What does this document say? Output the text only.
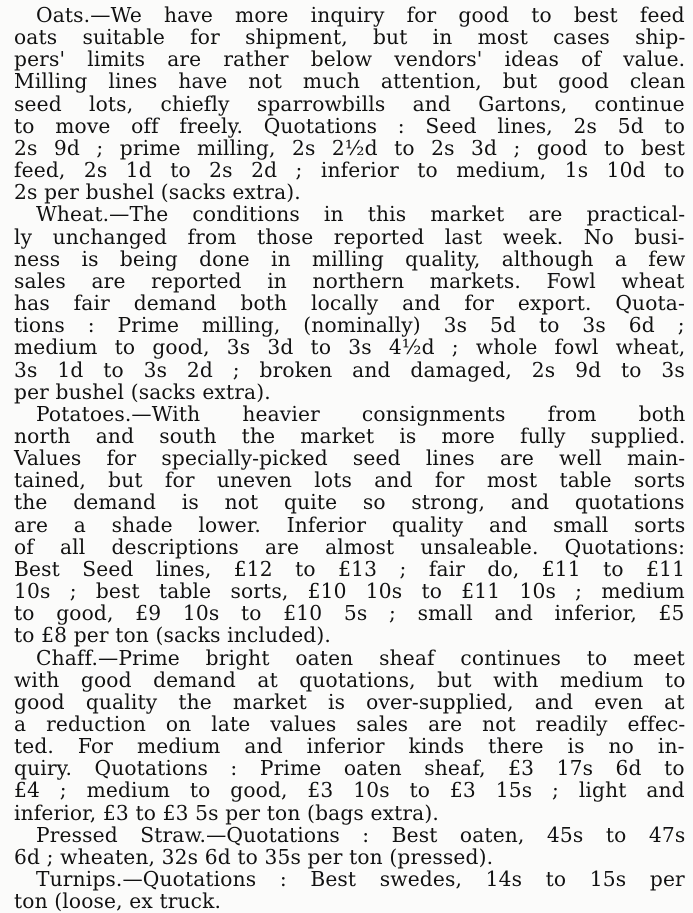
Oats.—We have more inquiry for good to best feed
oats suitable for shipment, but in most cases ship-
pers' limits are rather below vendors' ideas of value.
Milling lines have not much attention, but good clean
seed lots, chiefly sparrowbills and Gartons, continue
to move off freely. Quotations : Seed lines, 2s 5d to
2s 9d ; prime milling, 2s 2½d to 2s 3d ; good to best
feed, 2s 1d to 2s 2d ; inferior to medium, 1s 10d to
2s per bushel (sacks extra).
Wheat.—The conditions in this market are practical-
ly unchanged from those reported last week. No busi-
ness is being done in milling quality, although a few
sales are reported in northern markets. Fowl wheat
has fair demand both locally and for export. Quota-
tions : Prime milling, (nominally) 3s 5d to 3s 6d ;
medium to good, 3s 3d to 3s 4½d ; whole fowl wheat,
3s 1d to 3s 2d ; broken and damaged, 2s 9d to 3s
per bushel (sacks extra).
Potatoes.—With heavier consignments from both
north and south the market is more fully supplied.
Values for specially-picked seed lines are well main-
tained, but for uneven lots and for most table sorts
the demand is not quite so strong, and quotations
are a shade lower. Inferior quality and small sorts
of all descriptions are almost unsaleable. Quotations:
Best Seed lines, £12 to £13 ; fair do, £11 to £11
10s ; best table sorts, £10 10s to £11 10s ; medium
to good, £9 10s to £10 5s ; small and inferior, £5
to £8 per ton (sacks included).
Chaff.—Prime bright oaten sheaf continues to meet
with good demand at quotations, but with medium to
good quality the market is over-supplied, and even at
a reduction on late values sales are not readily effec-
ted. For medium and inferior kinds there is no in-
quiry. Quotations : Prime oaten sheaf, £3 17s 6d to
£4 ; medium to good, £3 10s to £3 15s ; light and
inferior, £3 to £3 5s per ton (bags extra).
Pressed Straw.—Quotations : Best oaten, 45s to 47s
6d ; wheaten, 32s 6d to 35s per ton (pressed).
Turnips.—Quotations : Best swedes, 14s to 15s per
ton (loose, ex truck.
